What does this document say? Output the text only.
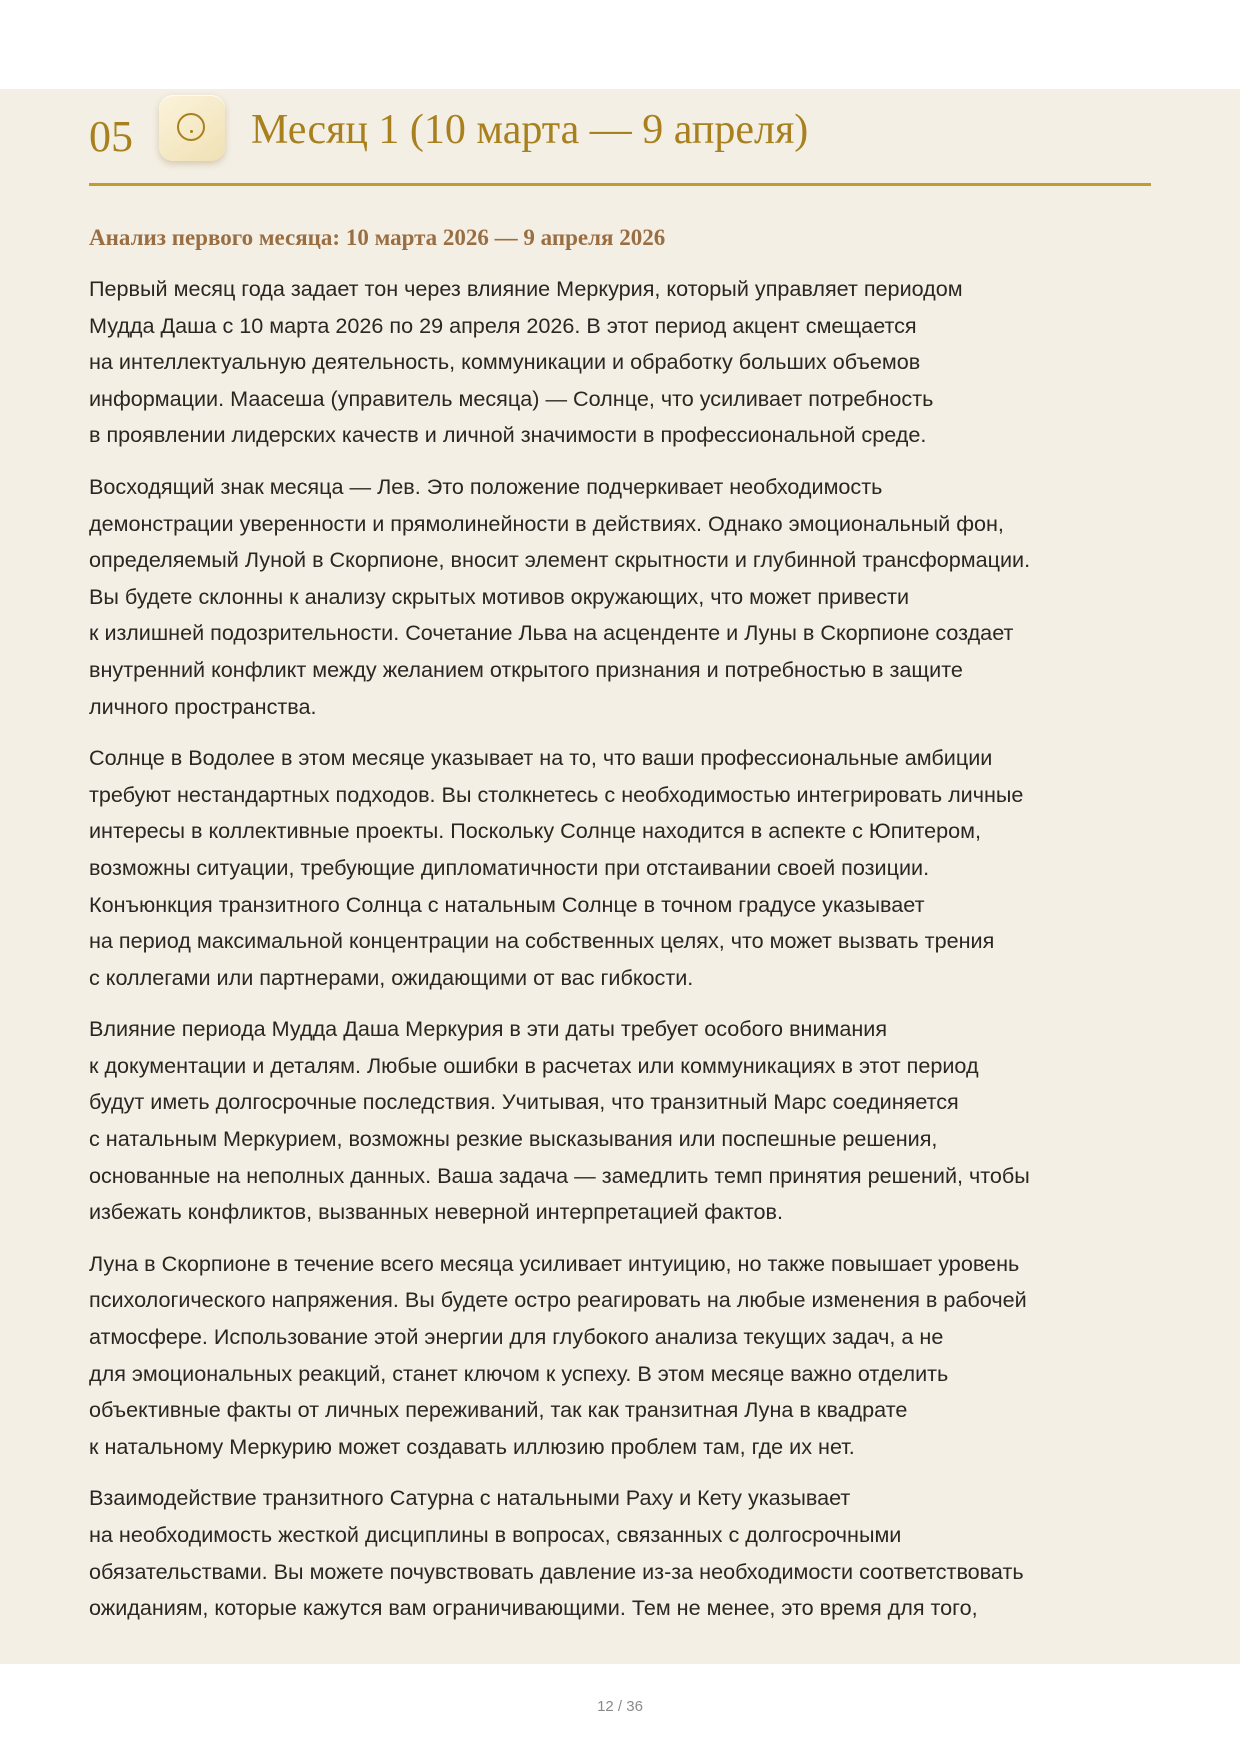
05	Месяц 1 (10 марта — 9 апреля)
Анализ первого месяца: 10 марта 2026 — 9 апреля 2026

Первый месяц года задает тон через влияние Меркурия, который управляет периодом
Мудда Даша с 10 марта 2026 по 29 апреля 2026. В этот период акцент смещается
на интеллектуальную деятельность, коммуникации и обработку больших объемов
информации. Маасеша (управитель месяца) — Солнце, что усиливает потребность
в проявлении лидерских качеств и личной значимости в профессиональной среде.

Восходящий знак месяца — Лев. Это положение подчеркивает необходимость
демонстрации уверенности и прямолинейности в действиях. Однако эмоциональный фон,
определяемый Луной в Скорпионе, вносит элемент скрытности и глубинной трансформации.
Вы будете склонны к анализу скрытых мотивов окружающих, что может привести
к излишней подозрительности. Сочетание Льва на асценденте и Луны в Скорпионе создает
внутренний конфликт между желанием открытого признания и потребностью в защите
личного пространства.

Солнце в Водолее в этом месяце указывает на то, что ваши профессиональные амбиции
требуют нестандартных подходов. Вы столкнетесь с необходимостью интегрировать личные
интересы в коллективные проекты. Поскольку Солнце находится в аспекте с Юпитером,
возможны ситуации, требующие дипломатичности при отстаивании своей позиции.
Конъюнкция транзитного Солнца с натальным Солнце в точном градусе указывает
на период максимальной концентрации на собственных целях, что может вызвать трения
с коллегами или партнерами, ожидающими от вас гибкости.

Влияние периода Мудда Даша Меркурия в эти даты требует особого внимания
к документации и деталям. Любые ошибки в расчетах или коммуникациях в этот период
будут иметь долгосрочные последствия. Учитывая, что транзитный Марс соединяется
с натальным Меркурием, возможны резкие высказывания или поспешные решения,
основанные на неполных данных. Ваша задача — замедлить темп принятия решений, чтобы
избежать конфликтов, вызванных неверной интерпретацией фактов.

Луна в Скорпионе в течение всего месяца усиливает интуицию, но также повышает уровень
психологического напряжения. Вы будете остро реагировать на любые изменения в рабочей
атмосфере. Использование этой энергии для глубокого анализа текущих задач, а не
для эмоциональных реакций, станет ключом к успеху. В этом месяце важно отделить
объективные факты от личных переживаний, так как транзитная Луна в квадрате
к натальному Меркурию может создавать иллюзию проблем там, где их нет.

Взаимодействие транзитного Сатурна с натальными Раху и Кету указывает
на необходимость жесткой дисциплины в вопросах, связанных с долгосрочными
обязательствами. Вы можете почувствовать давление из-за необходимости соответствовать
ожиданиям, которые кажутся вам ограничивающими. Тем не менее, это время для того,

12 / 36
